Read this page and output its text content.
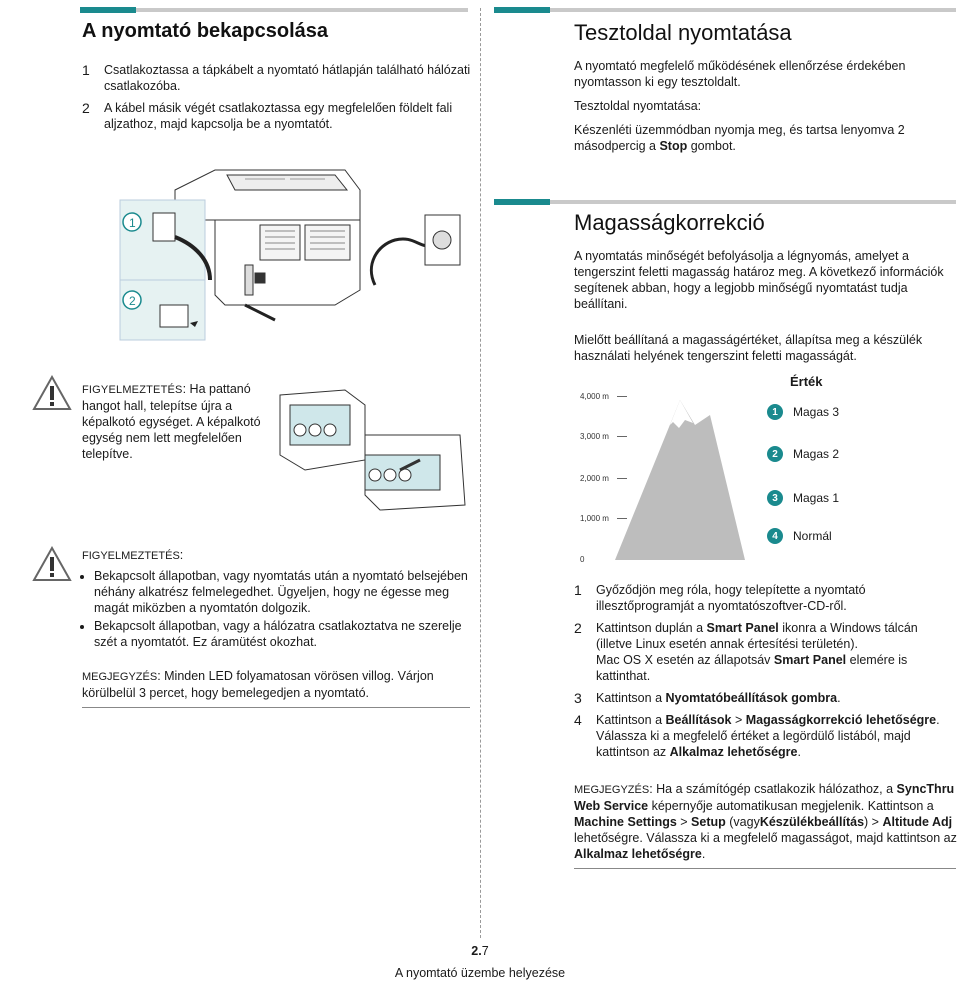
A nyomtató bekapcsolása
1	Csatlakoztassa a tápkábelt a nyomtató hátlapján található hálózati csatlakozóba.
2	A kábel másik végét csatlakoztassa egy megfelelően földelt fali aljzathoz, majd kapcsolja be a nyomtatót.
1
2
FIGYELMEZTETÉS: Ha pattanó hangot hall, telepítse újra a képalkotó egységet. A képalkotó egység nem lett megfelelően telepítve.
FIGYELMEZTETÉS:
• Bekapcsolt állapotban, vagy nyomtatás után a nyomtató belsejében néhány alkatrész felmelegedhet. Ügyeljen, hogy ne égesse meg magát miközben a nyomtatón dolgozik.
• Bekapcsolt állapotban, vagy a hálózatra csatlakoztatva ne szerelje szét a nyomtatót. Ez áramütést okozhat.
MEGJEGYZÉS: Minden LED folyamatosan vörösen villog. Várjon körülbelül 3 percet, hogy bemelegedjen a nyomtató.
Tesztoldal nyomtatása

A nyomtató megfelelő működésének ellenőrzése érdekében nyomtasson ki egy tesztoldalt.

Tesztoldal nyomtatása:

Készenléti üzemmódban nyomja meg, és tartsa lenyomva 2 másodpercig a Stop gombot.

Magasságkorrekció

A nyomtatás minőségét befolyásolja a légnyomás, amelyet a tengerszint feletti magasság határoz meg. A következő információk segítenek abban, hogy a legjobb minőségű nyomtatást tudja beállítani.

Mielőtt beállítaná a magasságértéket, állapítsa meg a készülék használati helyének tengerszint feletti magasságát.

4,000 m
3,000 m
2,000 m
1,000 m
0
Érték
1	Magas 3
2	Magas 2
3	Magas 1
4	Normál
1	Győződjön meg róla, hogy telepítette a nyomtató illesztőprogramját a nyomtatószoftver-CD-ről.
2	Kattintson duplán a Smart Panel ikonra a Windows tálcán (illetve Linux esetén annak értesítési területén).
Mac OS X esetén az állapotsáv Smart Panel elemére is kattinthat.
3	Kattintson a Nyomtatóbeállítások gombra.
4	Kattintson a Beállítások > Magasságkorrekció lehetőségre.
Válassza ki a megfelelő értéket a legördülő listából, majd kattintson az Alkalmaz lehetőségre.
MEGJEGYZÉS: Ha a számítógép csatlakozik hálózathoz, a SyncThru Web Service képernyője automatikusan megjelenik. Kattintson a Machine Settings > Setup (vagyKészülékbeállítás) > Altitude Adj lehetőségre. Válassza ki a megfelelő magasságot, majd kattintson az Alkalmaz lehetőségre.
2.7
A nyomtató üzembe helyezése
